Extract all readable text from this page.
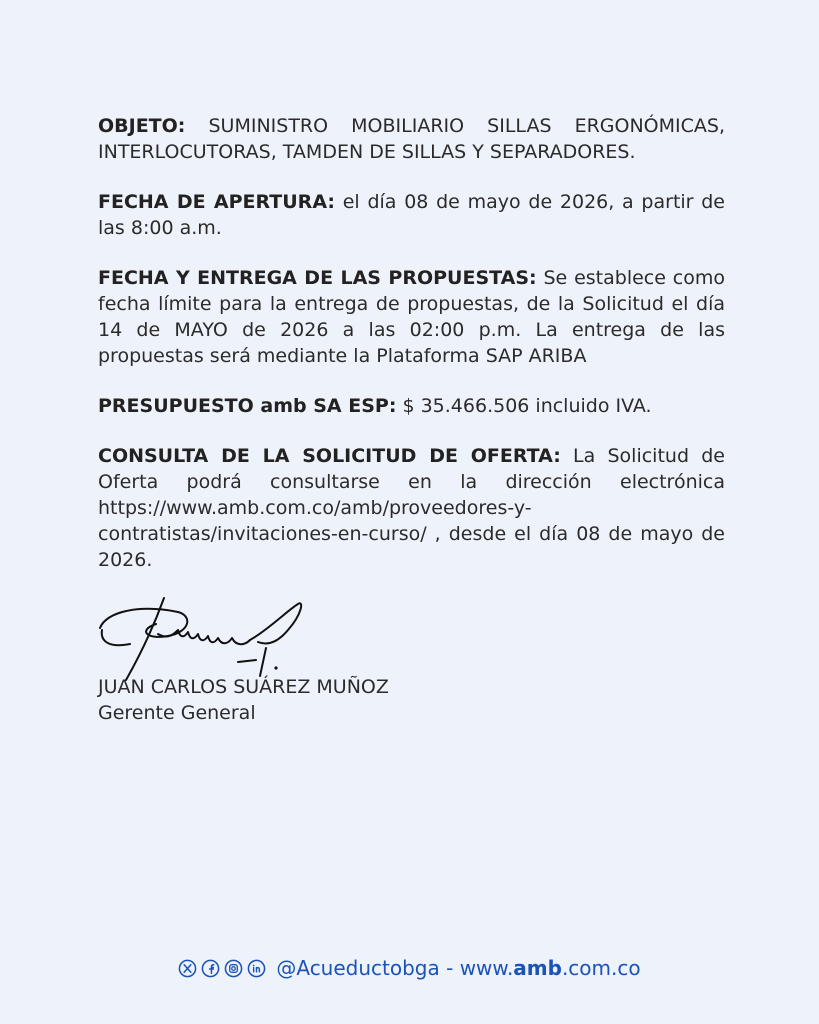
OBJETO: SUMINISTRO MOBILIARIO SILLAS ERGONÓMICAS, INTERLOCUTORAS, TAMDEN DE SILLAS Y SEPARADORES.

FECHA DE APERTURA: el día 08 de mayo de 2026, a partir de las 8:00 a.m.

FECHA Y ENTREGA DE LAS PROPUESTAS: Se establece como fecha límite para la entrega de propuestas, de la Solicitud el día 14 de MAYO de 2026 a las 02:00 p.m. La entrega de las propuestas será mediante la Plataforma SAP ARIBA

PRESUPUESTO amb SA ESP: $ 35.466.506 incluido IVA.

CONSULTA DE LA SOLICITUD DE OFERTA: La Solicitud de Oferta podrá consultarse en la dirección electrónica https://www.amb.com.co/amb/proveedores-y-contratistas/invitaciones-en-curso/ , desde el día 08 de mayo de 2026.

JUAN CARLOS SUÁREZ MUÑOZ
Gerente General
@Acueductobga - www.amb.com.co
